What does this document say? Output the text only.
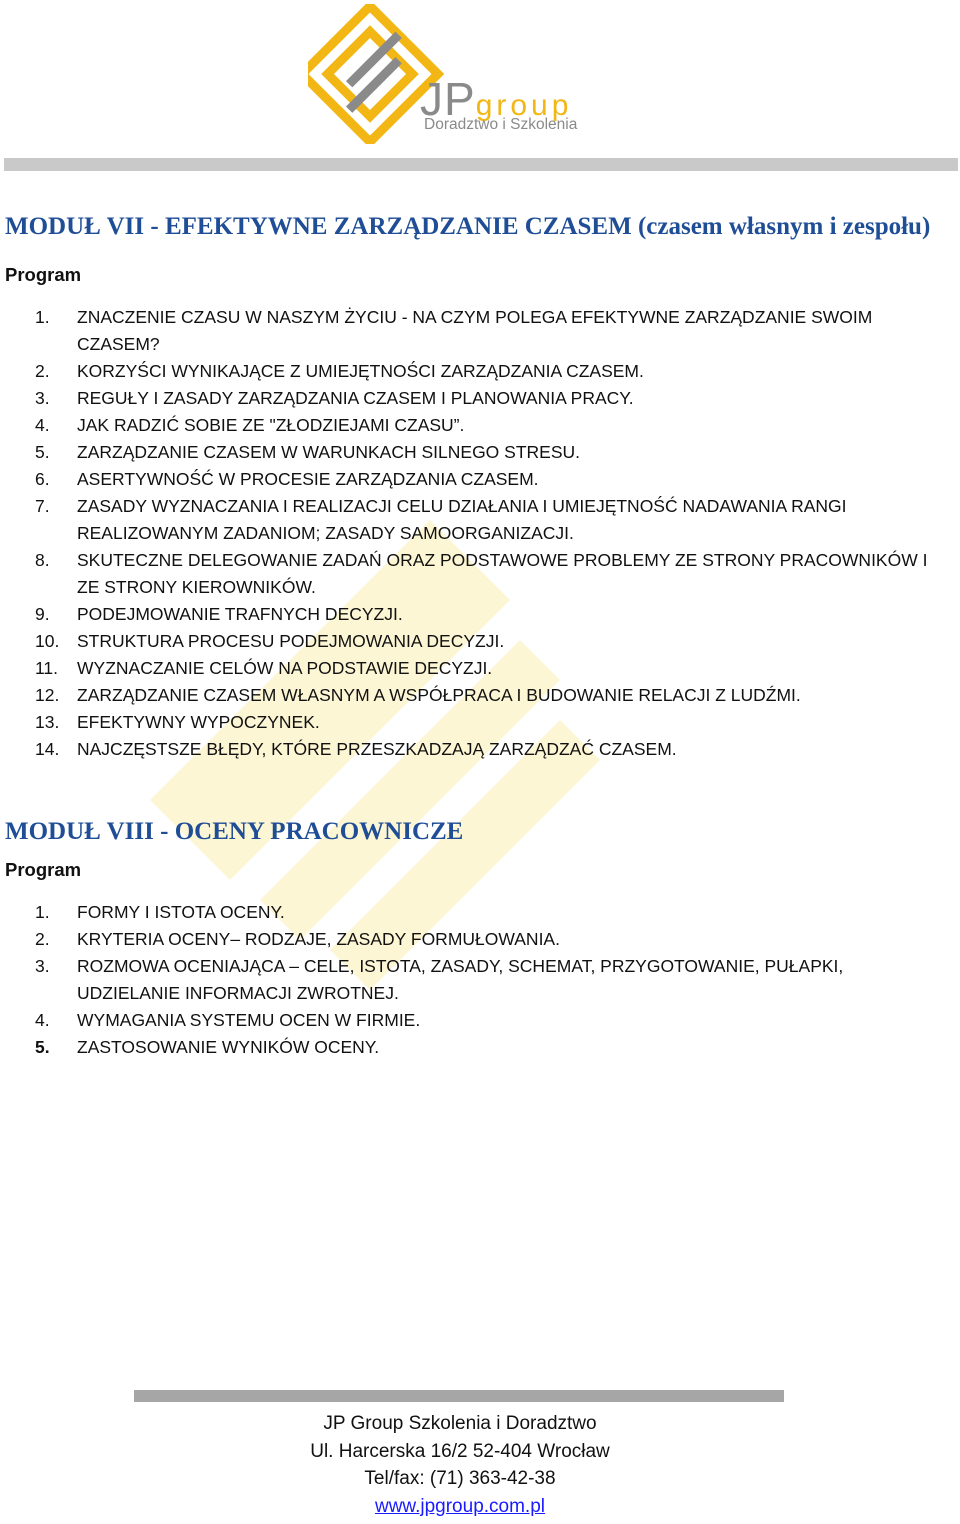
JPgroup
Doradztwo i Szkolenia
MODUŁ VII - EFEKTYWNE ZARZĄDZANIE CZASEM (czasem własnym i zespołu)

Program

1.	ZNACZENIE CZASU W NASZYM ŻYCIU - NA CZYM POLEGA EFEKTYWNE ZARZĄDZANIE SWOIM CZASEM?
2.	KORZYŚCI WYNIKAJĄCE Z UMIEJĘTNOŚCI ZARZĄDZANIA CZASEM.
3.	REGUŁY I ZASADY ZARZĄDZANIA CZASEM I PLANOWANIA PRACY.
4.	JAK RADZIĆ SOBIE ZE "ZŁODZIEJAMI CZASU”.
5.	ZARZĄDZANIE CZASEM W WARUNKACH SILNEGO STRESU.
6.	ASERTYWNOŚĆ W PROCESIE ZARZĄDZANIA CZASEM.
7.	ZASADY WYZNACZANIA I REALIZACJI CELU DZIAŁANIA I UMIEJĘTNOŚĆ NADAWANIA RANGI REALIZOWANYM ZADANIOM; ZASADY SAMOORGANIZACJI.
8.	SKUTECZNE DELEGOWANIE ZADAŃ ORAZ PODSTAWOWE PROBLEMY ZE STRONY PRACOWNIKÓW I ZE STRONY KIEROWNIKÓW.
9.	PODEJMOWANIE TRAFNYCH DECYZJI.
10.	STRUKTURA PROCESU PODEJMOWANIA DECYZJI.
11.	WYZNACZANIE CELÓW NA PODSTAWIE DECYZJI.
12.	ZARZĄDZANIE CZASEM WŁASNYM A WSPÓŁPRACA I BUDOWANIE RELACJI Z LUDŹMI.
13.	EFEKTYWNY WYPOCZYNEK.
14.	NAJCZĘSTSZE BŁĘDY, KTÓRE PRZESZKADZAJĄ ZARZĄDZAĆ CZASEM.
MODUŁ VIII - OCENY PRACOWNICZE

Program

1.	FORMY I ISTOTA OCENY.
2.	KRYTERIA OCENY– RODZAJE, ZASADY FORMUŁOWANIA.
3.	ROZMOWA OCENIAJĄCA – CELE, ISTOTA, ZASADY, SCHEMAT, PRZYGOTOWANIE, PUŁAPKI, UDZIELANIE INFORMACJI ZWROTNEJ.
4.	WYMAGANIA SYSTEMU OCEN W FIRMIE.
5.	ZASTOSOWANIE WYNIKÓW OCENY.
JP Group Szkolenia i Doradztwo
Ul. Harcerska 16/2 52-404 Wrocław
Tel/fax: (71) 363-42-38
www.jpgroup.com.pl
